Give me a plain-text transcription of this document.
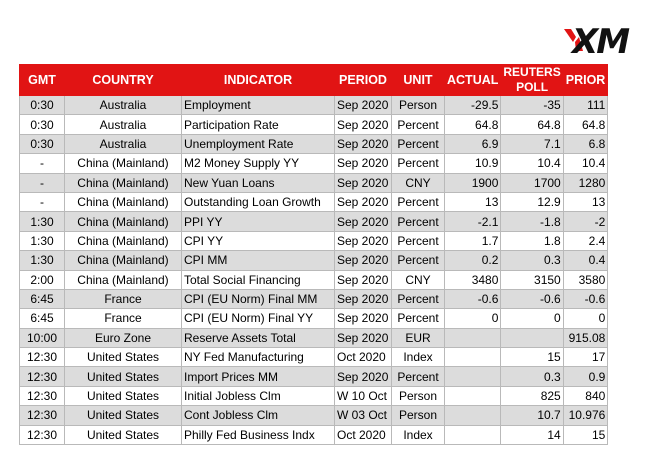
XM
GMT	COUNTRY	INDICATOR	PERIOD	UNIT	ACTUAL	REUTERS POLL	PRIOR
0:30	Australia	Employment	Sep 2020	Person	-29.5	-35	111
0:30	Australia	Participation Rate	Sep 2020	Percent	64.8	64.8	64.8
0:30	Australia	Unemployment Rate	Sep 2020	Percent	6.9	7.1	6.8
-	China (Mainland)	M2 Money Supply YY	Sep 2020	Percent	10.9	10.4	10.4
-	China (Mainland)	New Yuan Loans	Sep 2020	CNY	1900	1700	1280
-	China (Mainland)	Outstanding Loan Growth	Sep 2020	Percent	13	12.9	13
1:30	China (Mainland)	PPI YY	Sep 2020	Percent	-2.1	-1.8	-2
1:30	China (Mainland)	CPI YY	Sep 2020	Percent	1.7	1.8	2.4
1:30	China (Mainland)	CPI MM	Sep 2020	Percent	0.2	0.3	0.4
2:00	China (Mainland)	Total Social Financing	Sep 2020	CNY	3480	3150	3580
6:45	France	CPI (EU Norm) Final MM	Sep 2020	Percent	-0.6	-0.6	-0.6
6:45	France	CPI (EU Norm) Final YY	Sep 2020	Percent	0	0	0
10:00	Euro Zone	Reserve Assets Total	Sep 2020	EUR			915.08
12:30	United States	NY Fed Manufacturing	Oct 2020	Index		15	17
12:30	United States	Import Prices MM	Sep 2020	Percent		0.3	0.9
12:30	United States	Initial Jobless Clm	W 10 Oct	Person		825	840
12:30	United States	Cont Jobless Clm	W 03 Oct	Person		10.7	10.976
12:30	United States	Philly Fed Business Indx	Oct 2020	Index		14	15
